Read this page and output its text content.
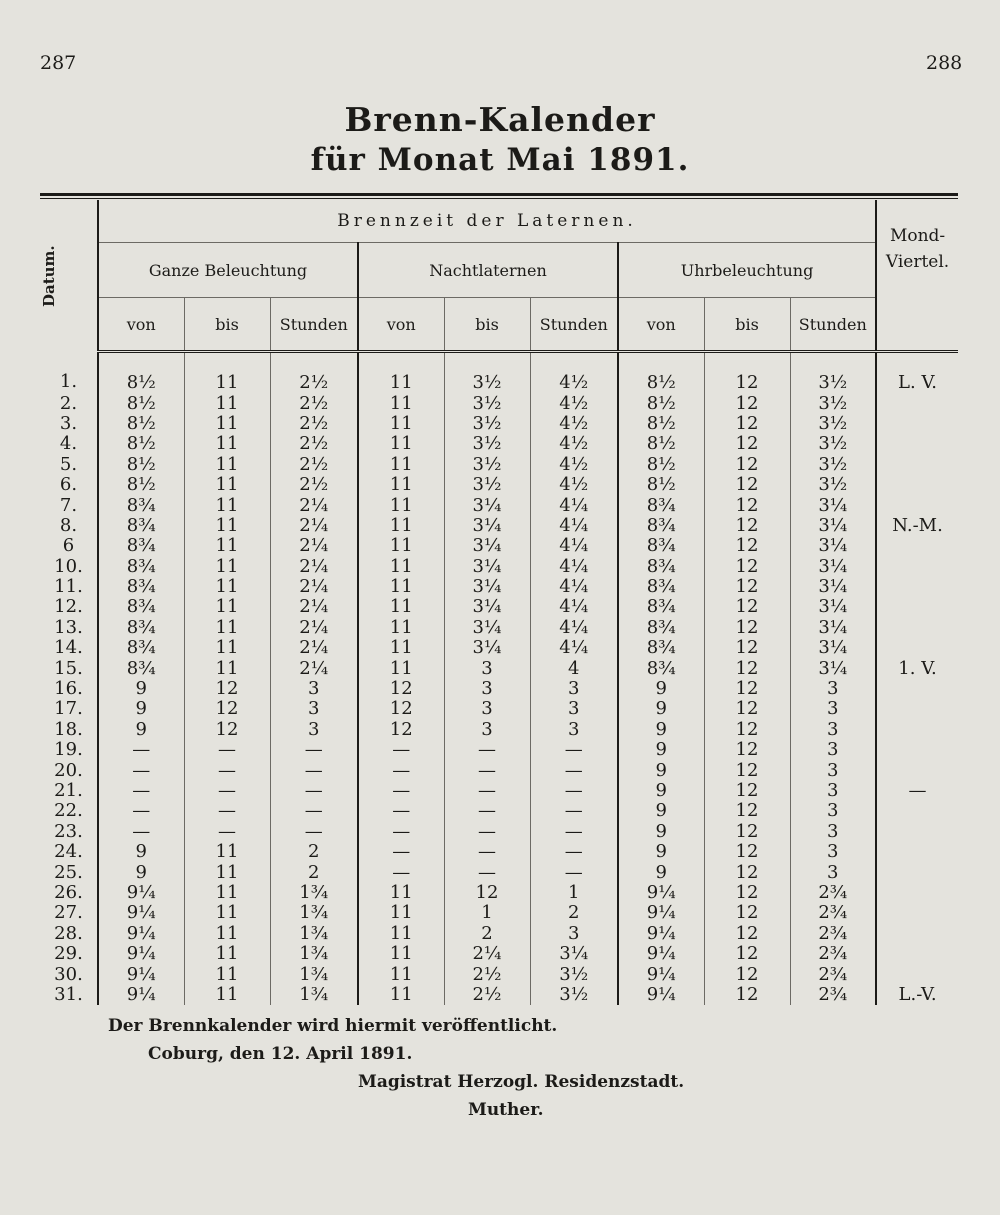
287	288
Brenn-Kalender
für Monat Mai 1891.
Datum.	Brennzeit der Laternen.									Mond-Viertel.
	Ganze Beleuchtung			Nachtlaternen			Uhrbeleuchtung			
	von	bis	Stunden	von	bis	Stunden	von	bis	Stunden	
1.	8½	11	2½	11	3½	4½	8½	12	3½	L. V.
2.	8½	11	2½	11	3½	4½	8½	12	3½	
3.	8½	11	2½	11	3½	4½	8½	12	3½	
4.	8½	11	2½	11	3½	4½	8½	12	3½	
5.	8½	11	2½	11	3½	4½	8½	12	3½	
6.	8½	11	2½	11	3½	4½	8½	12	3½	
7.	8¾	11	2¼	11	3¼	4¼	8¾	12	3¼	
8.	8¾	11	2¼	11	3¼	4¼	8¾	12	3¼	N.-M.
6	8¾	11	2¼	11	3¼	4¼	8¾	12	3¼	
10.	8¾	11	2¼	11	3¼	4¼	8¾	12	3¼	
11.	8¾	11	2¼	11	3¼	4¼	8¾	12	3¼	
12.	8¾	11	2¼	11	3¼	4¼	8¾	12	3¼	
13.	8¾	11	2¼	11	3¼	4¼	8¾	12	3¼	
14.	8¾	11	2¼	11	3¼	4¼	8¾	12	3¼	
15.	8¾	11	2¼	11	3	4	8¾	12	3¼	1. V.
16.	9	12	3	12	3	3	9	12	3	
17.	9	12	3	12	3	3	9	12	3	
18.	9	12	3	12	3	3	9	12	3	
19.	—	—	—	—	—	—	9	12	3	
20.	—	—	—	—	—	—	9	12	3	
21.	—	—	—	—	—	—	9	12	3	—
22.	—	—	—	—	—	—	9	12	3	
23.	—	—	—	—	—	—	9	12	3	
24.	9	11	2	—	—	—	9	12	3	
25.	9	11	2	—	—	—	9	12	3	
26.	9¼	11	1¾	11	12	1	9¼	12	2¾	
27.	9¼	11	1¾	11	1	2	9¼	12	2¾	
28.	9¼	11	1¾	11	2	3	9¼	12	2¾	
29.	9¼	11	1¾	11	2¼	3¼	9¼	12	2¾	
30.	9¼	11	1¾	11	2½	3½	9¼	12	2¾	
31.	9¼	11	1¾	11	2½	3½	9¼	12	2¾	L.-V.
Der Brennkalender wird hiermit veröffentlicht.
Coburg, den 12. April 1891.
Magistrat Herzogl. Residenzstadt.
Muther.
